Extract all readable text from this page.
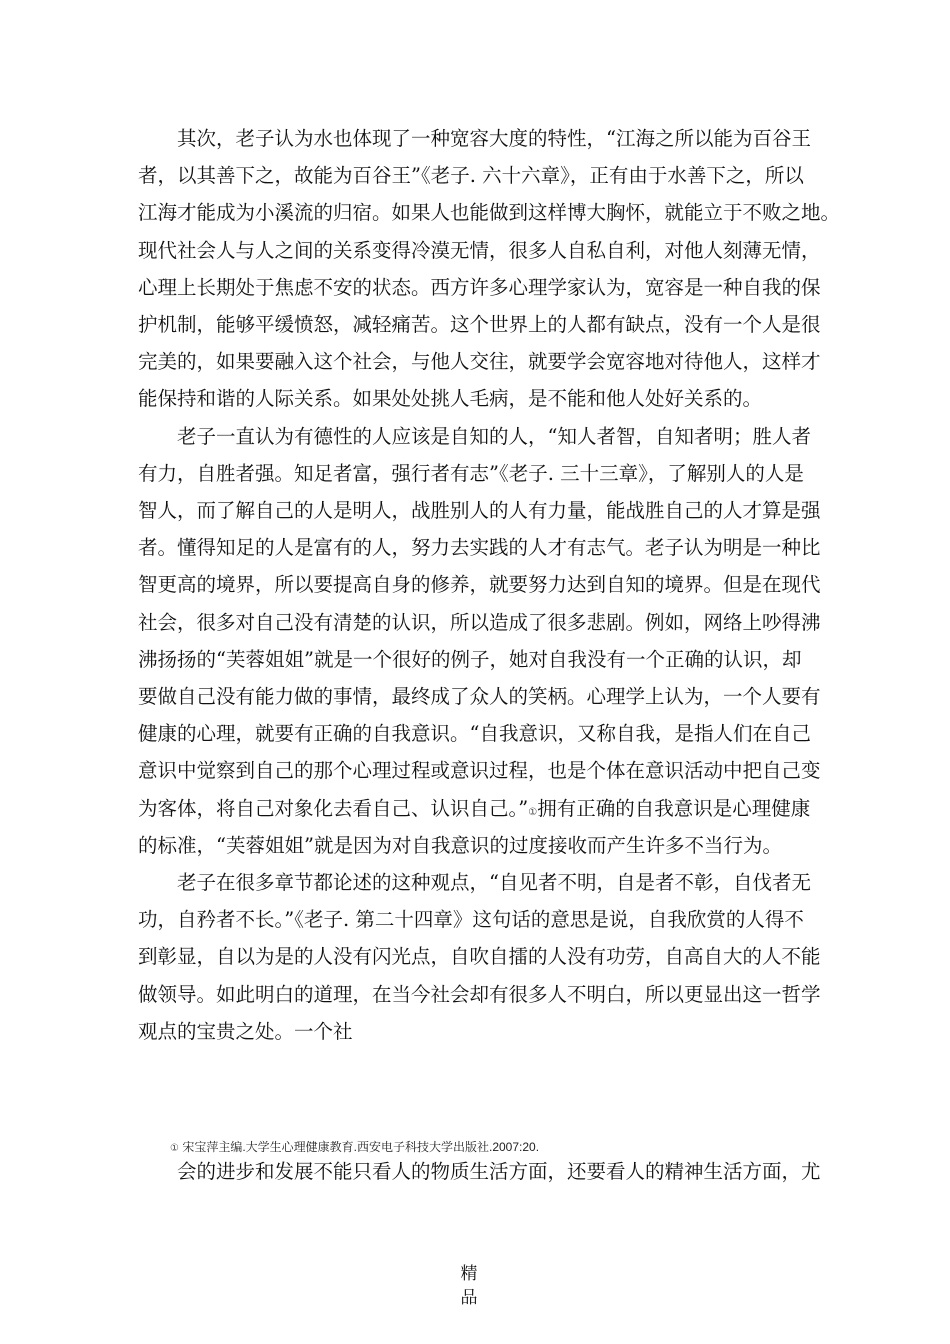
　　其次，老子认为水也体现了一种宽容大度的特性，“江海之所以能为百谷王
者，以其善下之，故能为百谷王”《老子. 六十六章》，正有由于水善下之，所以
江海才能成为小溪流的归宿。如果人也能做到这样博大胸怀，就能立于不败之地。
现代社会人与人之间的关系变得冷漠无情，很多人自私自利，对他人刻薄无情，
心理上长期处于焦虑不安的状态。西方许多心理学家认为，宽容是一种自我的保
护机制，能够平缓愤怒，减轻痛苦。这个世界上的人都有缺点，没有一个人是很
完美的，如果要融入这个社会，与他人交往，就要学会宽容地对待他人，这样才
能保持和谐的人际关系。如果处处挑人毛病，是不能和他人处好关系的。
　　老子一直认为有德性的人应该是自知的人，“知人者智，自知者明；胜人者
有力，自胜者强。知足者富，强行者有志”《老子. 三十三章》，了解别人的人是
智人，而了解自己的人是明人，战胜别人的人有力量，能战胜自己的人才算是强
者。懂得知足的人是富有的人，努力去实践的人才有志气。老子认为明是一种比
智更高的境界，所以要提高自身的修养，就要努力达到自知的境界。但是在现代
社会，很多对自己没有清楚的认识，所以造成了很多悲剧。例如，网络上吵得沸
沸扬扬的“芙蓉姐姐”就是一个很好的例子，她对自我没有一个正确的认识，却
要做自己没有能力做的事情，最终成了众人的笑柄。心理学上认为，一个人要有
健康的心理，就要有正确的自我意识。“自我意识，又称自我，是指人们在自己
意识中觉察到自己的那个心理过程或意识过程，也是个体在意识活动中把自己变
为客体，将自己对象化去看自己、认识自己。”①拥有正确的自我意识是心理健康
的标准，“芙蓉姐姐”就是因为对自我意识的过度接收而产生许多不当行为。
　　老子在很多章节都论述的这种观点，“自见者不明，自是者不彰，自伐者无
功，自矜者不长。”《老子. 第二十四章》这句话的意思是说，自我欣赏的人得不
到彰显，自以为是的人没有闪光点，自吹自擂的人没有功劳，自高自大的人不能
做领导。如此明白的道理，在当今社会却有很多人不明白，所以更显出这一哲学
观点的宝贵之处。一个社
① 宋宝萍主编.大学生心理健康教育.西安电子科技大学出版社.2007:20.
　　会的进步和发展不能只看人的物质生活方面，还要看人的精神生活方面，尤
精
品
